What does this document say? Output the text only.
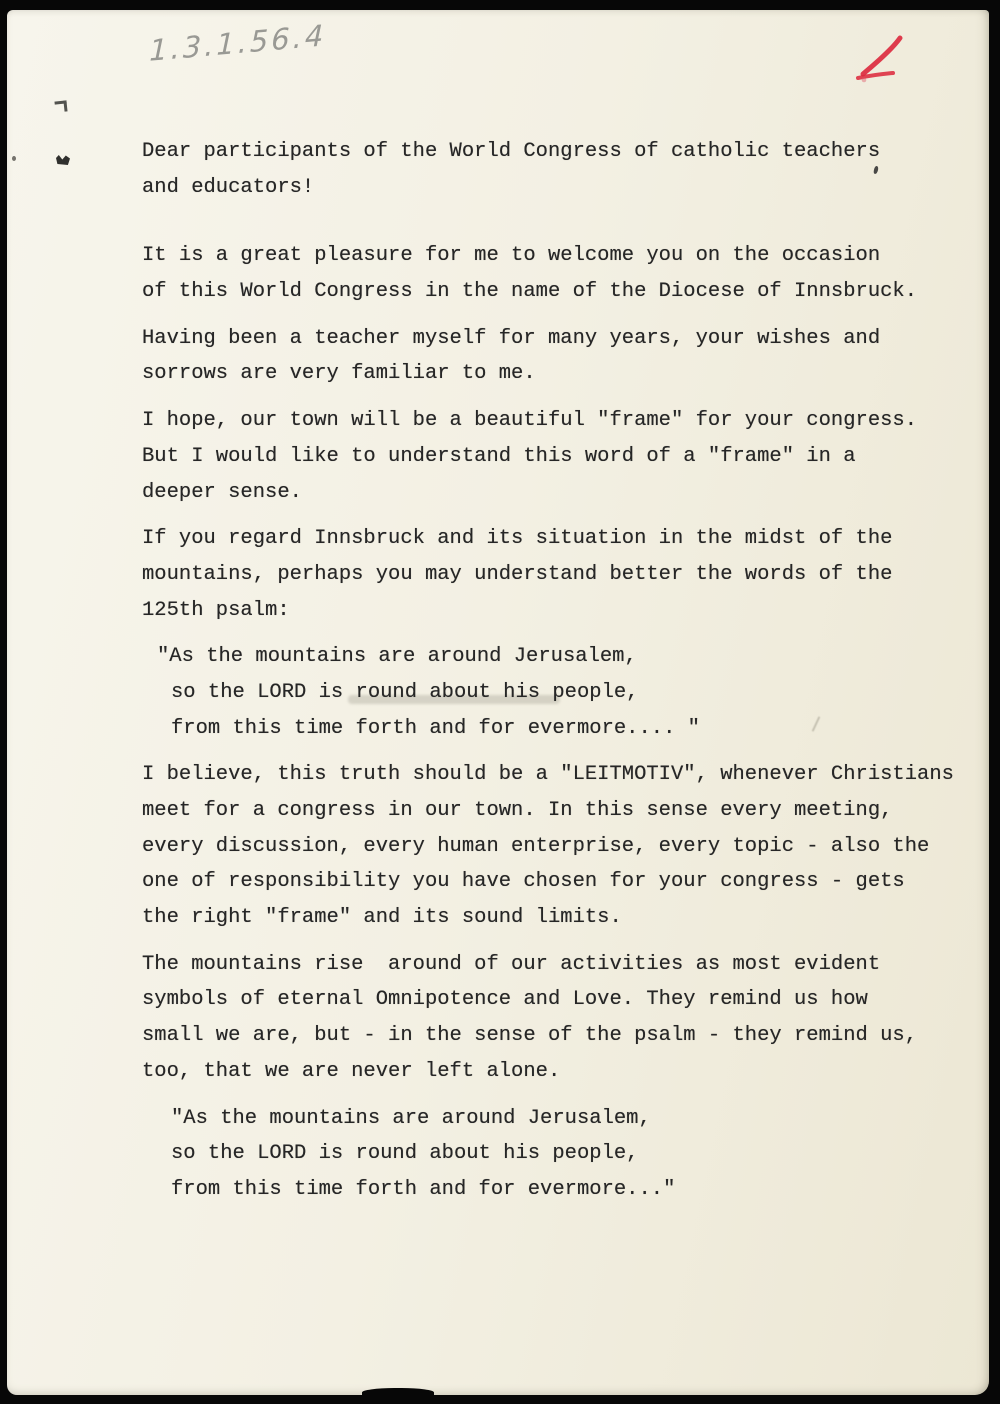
1.3.1.56.4
Dear participants of the World Congress of catholic teachers
and educators!
It is a great pleasure for me to welcome you on the occasion
of this World Congress in the name of the Diocese of Innsbruck.
Having been a teacher myself for many years, your wishes and
sorrows are very familiar to me.
I hope, our town will be a beautiful "frame" for your congress.
But I would like to understand this word of a "frame" in a
deeper sense.
If you regard Innsbruck and its situation in the midst of the
mountains, perhaps you may understand better the words of the
125th psalm:
"As the mountains are around Jerusalem,
so the LORD is round about his people,
from this time forth and for evermore.... "
I believe, this truth should be a "LEITMOTIV", whenever Christians
meet for a congress in our town. In this sense every meeting,
every discussion, every human enterprise, every topic - also the
one of responsibility you have chosen for your congress - gets
the right "frame" and its sound limits.
The mountains rise  around of our activities as most evident
symbols of eternal Omnipotence and Love. They remind us how
small we are, but - in the sense of the psalm - they remind us,
too, that we are never left alone.
"As the mountains are around Jerusalem,
so the LORD is round about his people,
from this time forth and for evermore..."
